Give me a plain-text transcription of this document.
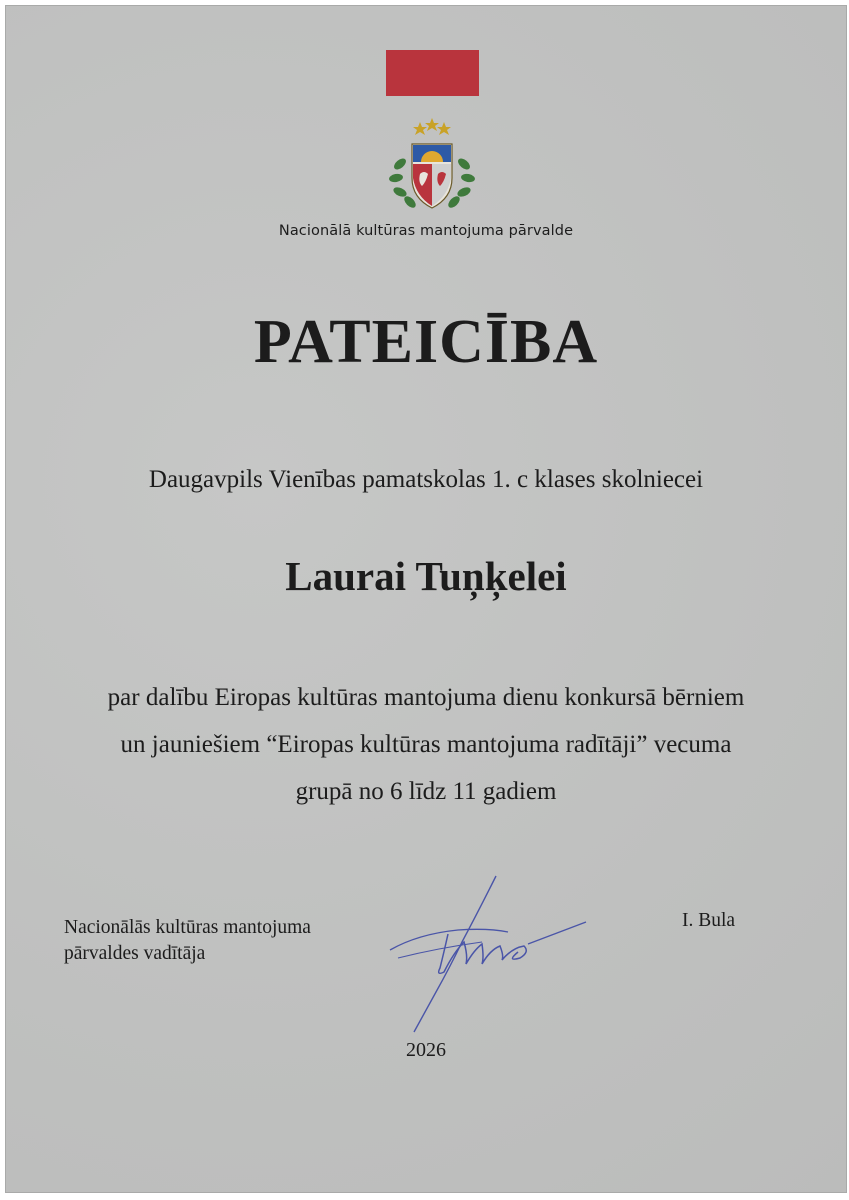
Nacionālā kultūras mantojuma pārvalde
PATEICĪBA
Daugavpils Vienības pamatskolas 1. c klases skolniecei
Laurai Tuņķelei
par dalību Eiropas kultūras mantojuma dienu konkursā bērniem
un jauniešiem “Eiropas kultūras mantojuma radītāji” vecuma
grupā no 6 līdz 11 gadiem
Nacionālās kultūras mantojuma
pārvaldes vadītāja
I. Bula
2026
